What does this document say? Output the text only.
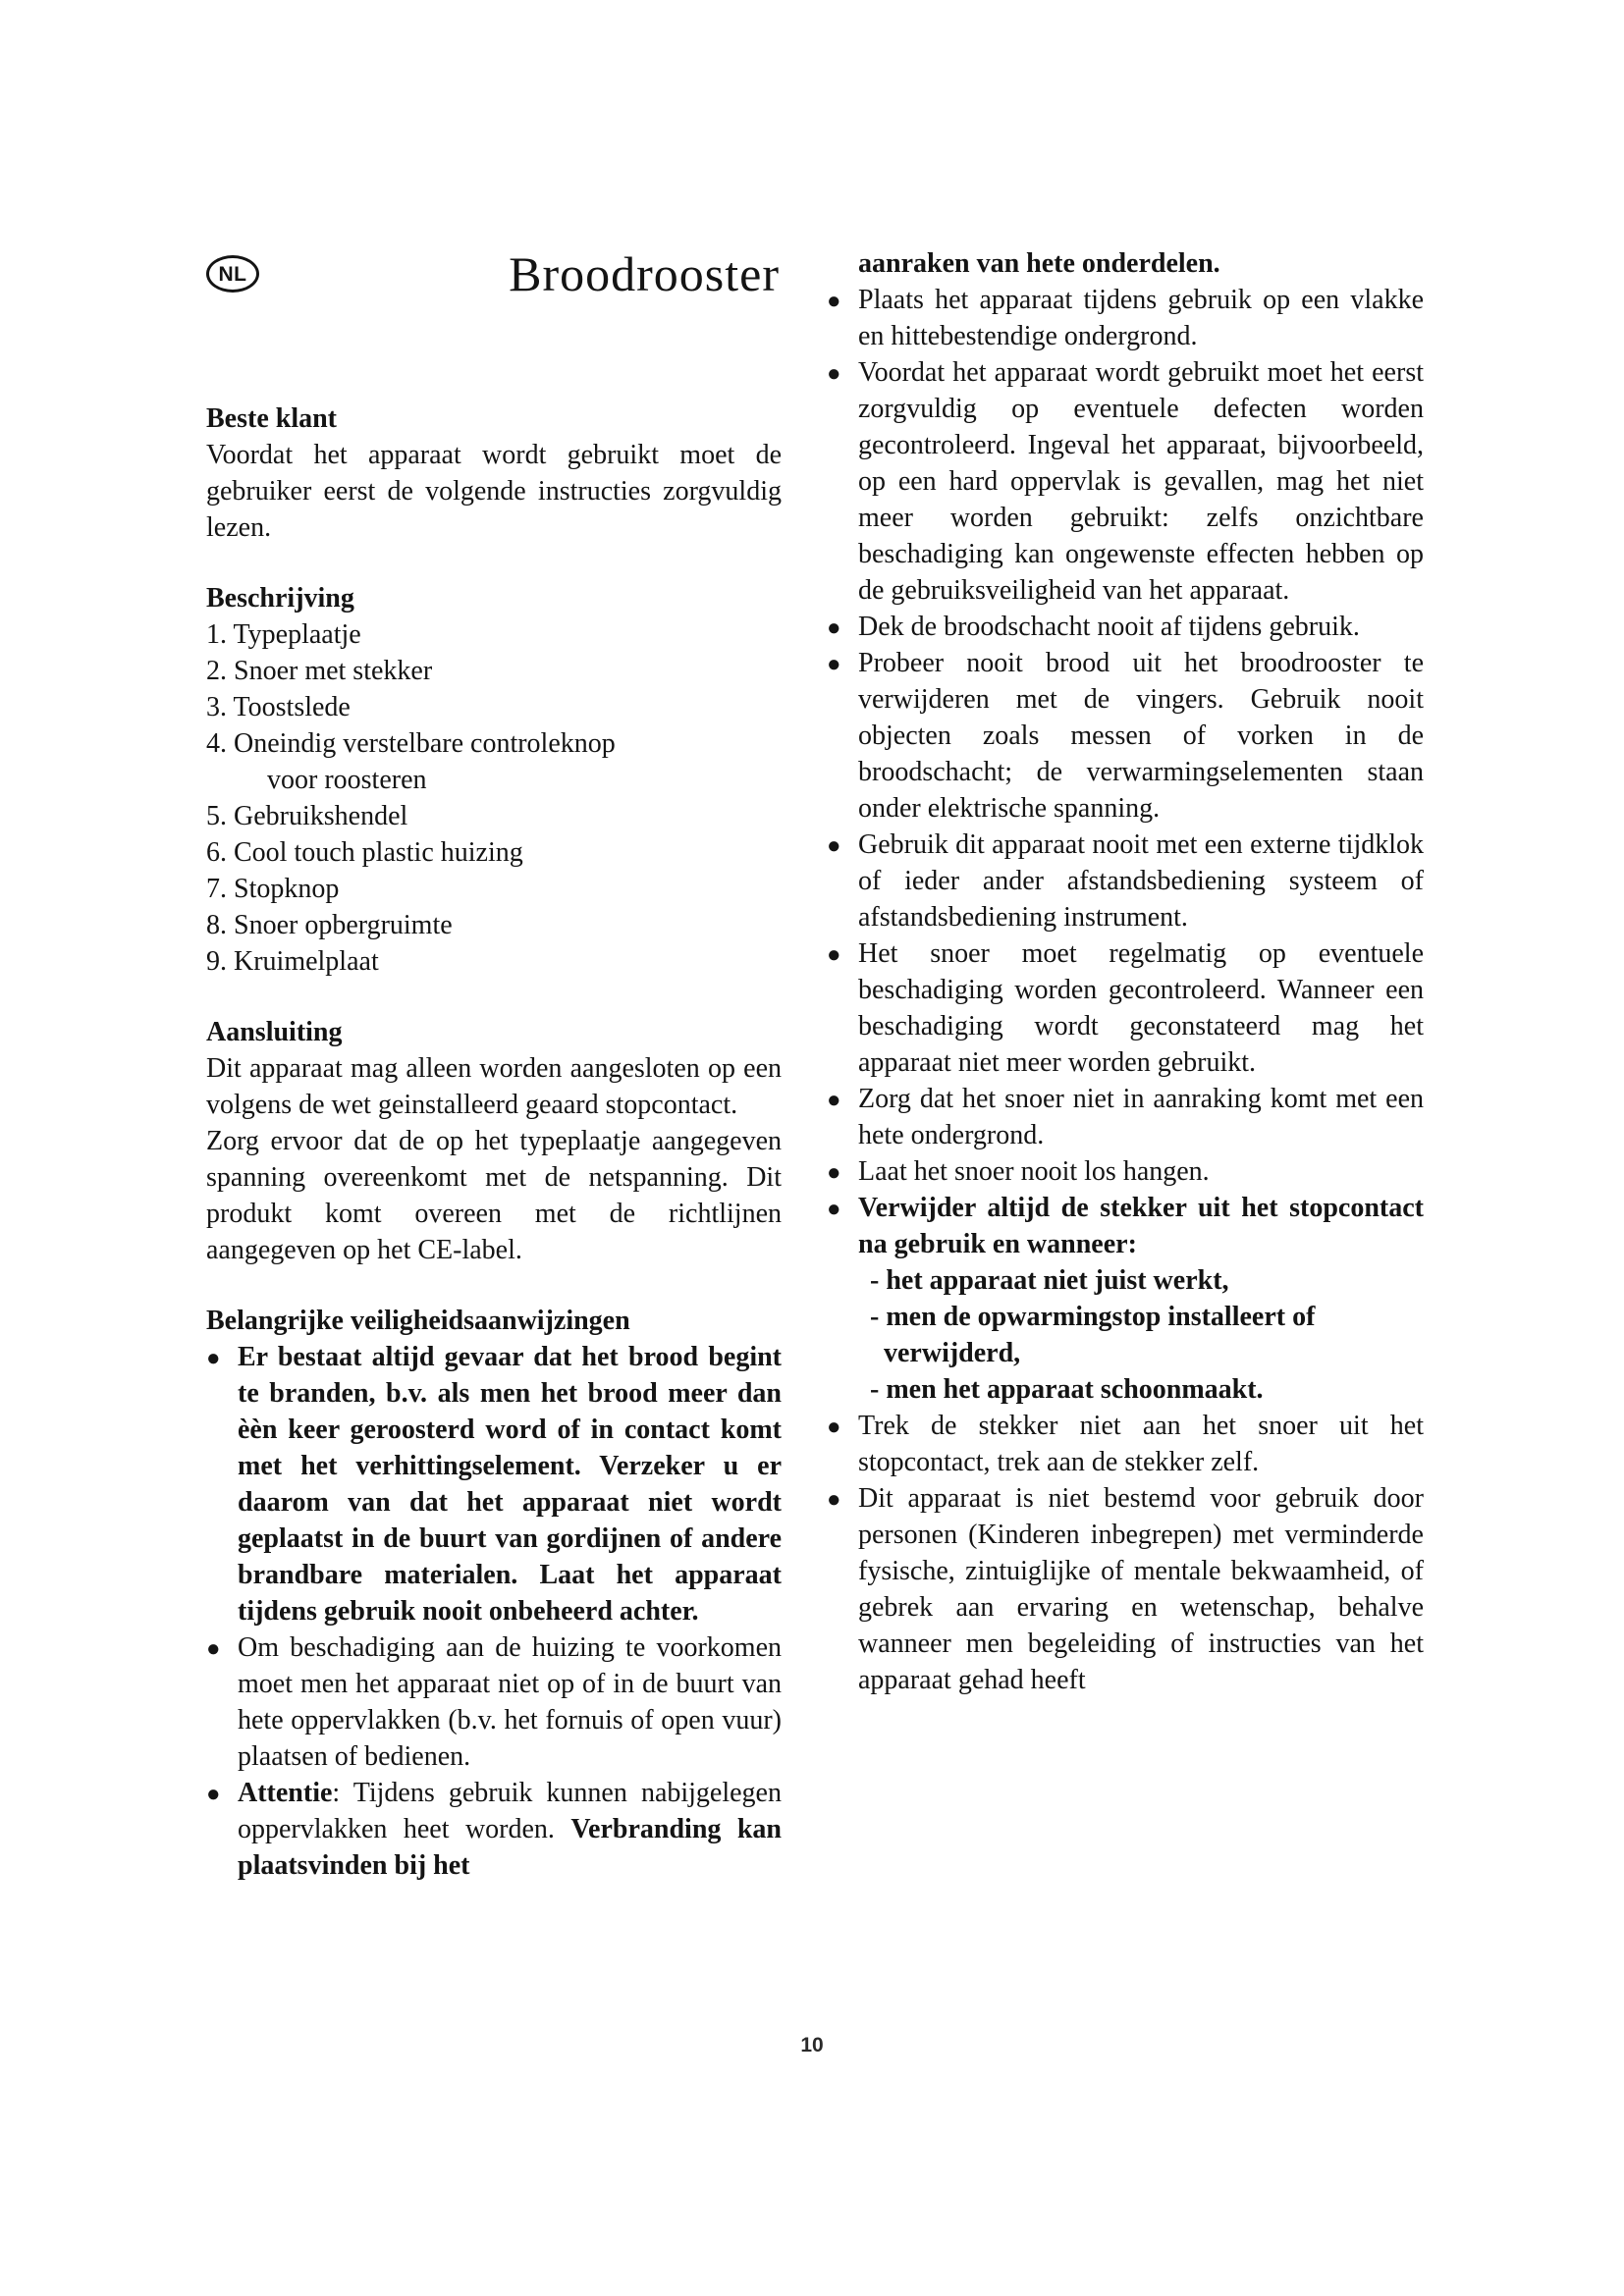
NL	Broodrooster
Beste klant

Voordat het apparaat wordt gebruikt moet de gebruiker eerst de volgende instructies zorgvuldig lezen.

Beschrijving
1. Typeplaatje
2. Snoer met stekker
3. Toostslede
4. Oneindig verstelbare controleknop
voor roosteren
5. Gebruikshendel
6. Cool touch plastic huizing
7. Stopknop
8. Snoer opbergruimte
9. Kruimelplaat
Aansluiting

Dit apparaat mag alleen worden aangesloten op een volgens de wet geinstalleerd geaard stopcontact.

Zorg ervoor dat de op het typeplaatje aangegeven spanning overeenkomt met de netspanning. Dit produkt komt overeen met de richtlijnen aangegeven op het CE-label.

Belangrijke veiligheidsaanwijzingen
● Er bestaat altijd gevaar dat het brood begint te branden, b.v. als men het brood meer dan èèn keer geroosterd word of in contact komt met het verhittingselement. Verzeker u er daarom van dat het apparaat niet wordt geplaatst in de buurt van gordijnen of andere brandbare materialen. Laat het apparaat tijdens gebruik nooit onbeheerd achter.
● Om beschadiging aan de huizing te voorkomen moet men het apparaat niet op of in de buurt van hete oppervlakken (b.v. het fornuis of open vuur) plaatsen of bedienen.
● Attentie: Tijdens gebruik kunnen nabijgelegen oppervlakken heet worden. Verbranding kan plaatsvinden bij het
aanraken van hete onderdelen.
● Plaats het apparaat tijdens gebruik op een vlakke en hittebestendige ondergrond.
● Voordat het apparaat wordt gebruikt moet het eerst zorgvuldig op eventuele defecten worden gecontroleerd. Ingeval het apparaat, bijvoorbeeld, op een hard oppervlak is gevallen, mag het niet meer worden gebruikt: zelfs onzichtbare beschadiging kan ongewenste effecten hebben op de gebruiksveiligheid van het apparaat.
● Dek de broodschacht nooit af tijdens gebruik.
● Probeer nooit brood uit het broodrooster te verwijderen met de vingers. Gebruik nooit objecten zoals messen of vorken in de broodschacht; de verwarmingselementen staan onder elektrische spanning.
● Gebruik dit apparaat nooit met een externe tijdklok of ieder ander afstandsbediening systeem of afstandsbediening instrument.
● Het snoer moet regelmatig op eventuele beschadiging worden gecontroleerd. Wanneer een beschadiging wordt geconstateerd mag het apparaat niet meer worden gebruikt.
● Zorg dat het snoer niet in aanraking komt met een hete ondergrond.
● Laat het snoer nooit los hangen.
● Verwijder altijd de stekker uit het stopcontact na gebruik en wanneer:
- het apparaat niet juist werkt,
- men de opwarmingstop installeert of verwijderd,
- men het apparaat schoonmaakt.
● Trek de stekker niet aan het snoer uit het stopcontact, trek aan de stekker zelf.
● Dit apparaat is niet bestemd voor gebruik door personen (Kinderen inbegrepen) met verminderde fysische, zintuiglijke of mentale bekwaamheid, of gebrek aan ervaring en wetenschap, behalve wanneer men begeleiding of instructies van het apparaat gehad heeft
10
